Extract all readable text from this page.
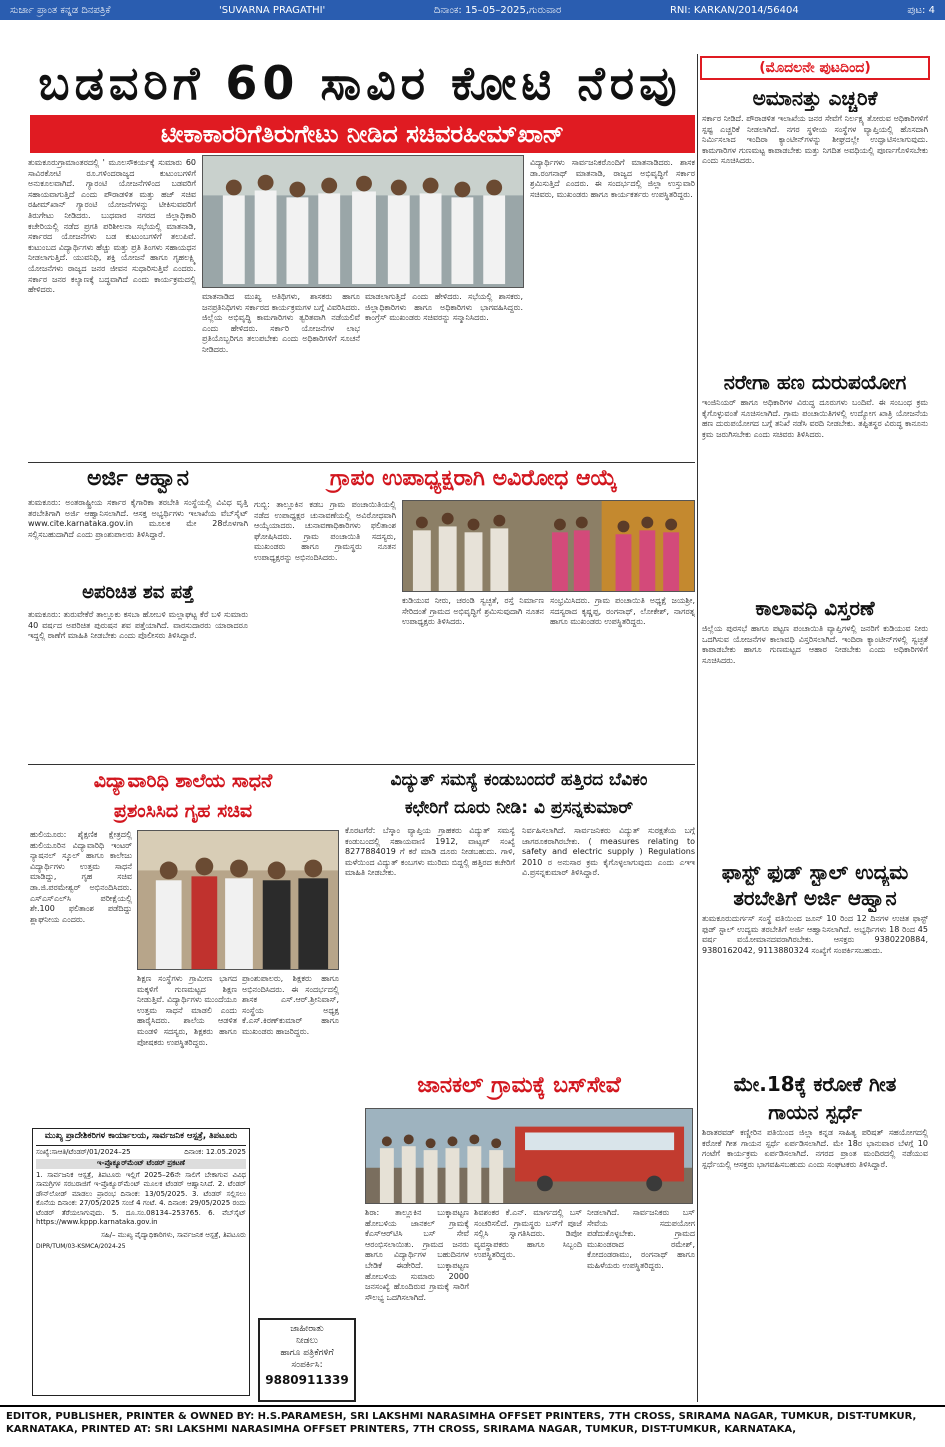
ಸುರ್ಜಾ ಪ್ರಾಂತ ಕನ್ನಡ ದಿನಪತ್ರಿಕೆ	'SUVARNA PRAGATHI'	ದಿನಾಂಕ: 15–05–2025,ಗುರುವಾರ	RNI: KARKAN/2014/56404	ಪುಟ: 4
ಬಡವರಿಗೆ 60 ಸಾವಿರ ಕೋಟಿ ನೆರವು
ಟೀಕಾಕಾರರಿಗೆತಿರುಗೇಟು ನೀಡಿದ ಸಚಿವರಹೀಮ್‌ಖಾನ್
ತುಮಕೂರುಗ್ರಾಮಾಂತರದಲ್ಲಿ ' ಮೂಲಸೌಕರ್ಯಕ್ಕೆ ಸುಮಾರು 60 ಸಾವಿರಕೋಟಿ ರೂ.ಗಳಿಂದರಾಜ್ಯದ ಕುಟುಂಬಗಳಿಗೆ ಅನುಕೂಲವಾಗಿದೆ. ಗ್ಯಾರಂಟಿ ಯೋಜನೆಗಳಿಂದ ಬಡವರಿಗೆ ಸಹಾಯವಾಗುತ್ತಿದೆ ಎಂದು ಪೌರಾಡಳಿತ ಮತ್ತು ಹಜ್ ಸಚಿವ ರಹೀಮ್‌ಖಾನ್ ಗ್ಯಾರಂಟಿ ಯೋಜನೆಗಳನ್ನು ಟೀಕಿಸುವವರಿಗೆ ತಿರುಗೇಟು ನೀಡಿದರು. ಬುಧವಾರ ನಗರದ ಜಿಲ್ಲಾಧಿಕಾರಿ ಕಚೇರಿಯಲ್ಲಿ ನಡೆದ ಪ್ರಗತಿ ಪರಿಶೀಲನಾ ಸಭೆಯಲ್ಲಿ ಮಾತನಾಡಿ, ಸರ್ಕಾರದ ಯೋಜನೆಗಳು ಬಡ ಕುಟುಂಬಗಳಿಗೆ ತಲುಪಿವೆ. ಕುಟುಂಬದ ವಿದ್ಯಾರ್ಥಿಗಳು ಹೆಚ್ಚು ಮತ್ತು ಪ್ರತಿ ತಿಂಗಳು ಸಹಾಯಧನ ನೀಡಲಾಗುತ್ತಿದೆ. ಯುವನಿಧಿ, ಶಕ್ತಿ ಯೋಜನೆ ಹಾಗೂ ಗೃಹಲಕ್ಷ್ಮಿ ಯೋಜನೆಗಳು ರಾಜ್ಯದ ಜನರ ಜೀವನ ಸುಧಾರಿಸುತ್ತಿವೆ ಎಂದರು. ಸರ್ಕಾರ ಜನರ ಕಲ್ಯಾಣಕ್ಕೆ ಬದ್ಧವಾಗಿದೆ ಎಂದು ಕಾರ್ಯಕ್ರಮದಲ್ಲಿ ಹೇಳಿದರು.
ಮಾತನಾಡಿದ ಮುಖ್ಯ ಅತಿಥಿಗಳು, ಶಾಸಕರು ಹಾಗೂ ಜನಪ್ರತಿನಿಧಿಗಳು ಸರ್ಕಾರದ ಕಾರ್ಯಕ್ರಮಗಳ ಬಗ್ಗೆ ವಿವರಿಸಿದರು. ಜಿಲ್ಲೆಯ ಅಭಿವೃದ್ಧಿ ಕಾಮಗಾರಿಗಳು ತ್ವರಿತವಾಗಿ ನಡೆಯಲಿವೆ ಎಂದು ಹೇಳಿದರು. ಸರ್ಕಾರಿ ಯೋಜನೆಗಳ ಲಾಭ ಪ್ರತಿಯೊಬ್ಬರಿಗೂ ತಲುಪಬೇಕು ಎಂದು ಅಧಿಕಾರಿಗಳಿಗೆ ಸೂಚನೆ ನೀಡಿದರು.
ಮಾಡಲಾಗುತ್ತಿದೆ ಎಂದು ಹೇಳಿದರು. ಸಭೆಯಲ್ಲಿ ಶಾಸಕರು, ಜಿಲ್ಲಾಧಿಕಾರಿಗಳು ಹಾಗೂ ಅಧಿಕಾರಿಗಳು ಭಾಗವಹಿಸಿದ್ದರು. ಕಾಂಗ್ರೆಸ್ ಮುಖಂಡರು ಸಚಿವರನ್ನು ಸನ್ಮಾನಿಸಿದರು.
ವಿದ್ಯಾರ್ಥಿಗಳು ಸಾರ್ವಜನಿಕರೊಂದಿಗೆ ಮಾತನಾಡಿದರು. ಶಾಸಕ ಡಾ.ರಂಗನಾಥ್ ಮಾತನಾಡಿ, ರಾಜ್ಯದ ಅಭಿವೃದ್ಧಿಗೆ ಸರ್ಕಾರ ಶ್ರಮಿಸುತ್ತಿದೆ ಎಂದರು. ಈ ಸಂದರ್ಭದಲ್ಲಿ ಜಿಲ್ಲಾ ಉಸ್ತುವಾರಿ ಸಚಿವರು, ಮುಖಂಡರು ಹಾಗೂ ಕಾರ್ಯಕರ್ತರು ಉಪಸ್ಥಿತರಿದ್ದರು.
(ಮೊದಲನೇ ಪುಟದಿಂದ)
ಅಮಾನತ್ತು ಎಚ್ಚರಿಕೆ
ಸರ್ಕಾರ ನೀಡಿದೆ. ಪೌರಾಡಳಿತ ಇಲಾಖೆಯ ಜನರ ಸೇವೆಗೆ ನಿರ್ಲಕ್ಷ್ಯ ತೋರುವ ಅಧಿಕಾರಿಗಳಿಗೆ ಸ್ಪಷ್ಟ ಎಚ್ಚರಿಕೆ ನೀಡಲಾಗಿದೆ. ನಗರ ಸ್ಥಳೀಯ ಸಂಸ್ಥೆಗಳ ವ್ಯಾಪ್ತಿಯಲ್ಲಿ ಹೊಸದಾಗಿ ನಿರ್ಮಿಸಲಾದ ಇಂದಿರಾ ಕ್ಯಾಂಟೀನ್‌ಗಳನ್ನು ಶೀಘ್ರದಲ್ಲೇ ಉದ್ಘಾಟಿಸಲಾಗುವುದು. ಕಾಮಗಾರಿಗಳ ಗುಣಮಟ್ಟ ಕಾಪಾಡಬೇಕು ಮತ್ತು ನಿಗದಿತ ಅವಧಿಯಲ್ಲಿ ಪೂರ್ಣಗೊಳಿಸಬೇಕು ಎಂದು ಸೂಚಿಸಿದರು.
ನರೇಗಾ ಹಣ ದುರುಪಯೋಗ
ಇಂಜಿನಿಯರ್ ಹಾಗೂ ಅಧಿಕಾರಿಗಳ ವಿರುದ್ಧ ದೂರುಗಳು ಬಂದಿವೆ. ಈ ಸಂಬಂಧ ಕ್ರಮ ಕೈಗೊಳ್ಳುವಂತೆ ಸೂಚಿಸಲಾಗಿದೆ. ಗ್ರಾಮ ಪಂಚಾಯಿತಿಗಳಲ್ಲಿ ಉದ್ಯೋಗ ಖಾತ್ರಿ ಯೋಜನೆಯ ಹಣ ದುರುಪಯೋಗದ ಬಗ್ಗೆ ತನಿಖೆ ನಡೆಸಿ ವರದಿ ನೀಡಬೇಕು. ತಪ್ಪಿತಸ್ಥರ ವಿರುದ್ಧ ಕಾನೂನು ಕ್ರಮ ಜರುಗಿಸಬೇಕು ಎಂದು ಸಚಿವರು ತಿಳಿಸಿದರು.
ಕಾಲಾವಧಿ ವಿಸ್ತರಣೆ
ಜಿಲ್ಲೆಯ ಪುರಸಭೆ ಹಾಗೂ ಪಟ್ಟಣ ಪಂಚಾಯಿತಿ ವ್ಯಾಪ್ತಿಗಳಲ್ಲಿ ಜನರಿಗೆ ಕುಡಿಯುವ ನೀರು ಒದಗಿಸುವ ಯೋಜನೆಗಳ ಕಾಲಾವಧಿ ವಿಸ್ತರಿಸಲಾಗಿದೆ. ಇಂದಿರಾ ಕ್ಯಾಂಟೀನ್‌ಗಳಲ್ಲಿ ಸ್ವಚ್ಛತೆ ಕಾಪಾಡಬೇಕು ಹಾಗೂ ಗುಣಮಟ್ಟದ ಆಹಾರ ನೀಡಬೇಕು ಎಂದು ಅಧಿಕಾರಿಗಳಿಗೆ ಸೂಚಿಸಿದರು.
ಫಾಸ್ಟ್ ಫುಡ್ ಸ್ಟಾಲ್ ಉದ್ಯಮ
ತರಬೇತಿಗೆ ಅರ್ಜಿ ಆಹ್ವಾನ
ತುಮಕೂರುದುರ್ಗಸ್ ಸಂಸ್ಥೆ ವತಿಯಿಂದ ಜೂನ್ 10 ರಿಂದ 12 ದಿನಗಳ ಉಚಿತ ಫಾಸ್ಟ್ ಫುಡ್ ಸ್ಟಾಲ್ ಉದ್ಯಮ ತರಬೇತಿಗೆ ಅರ್ಜಿ ಆಹ್ವಾನಿಸಲಾಗಿದೆ. ಅಭ್ಯರ್ಥಿಗಳು 18 ರಿಂದ 45 ವರ್ಷ ವಯೋಮಾನದವರಾಗಿರಬೇಕು. ಆಸಕ್ತರು 9380220884, 9380162042, 9113880324 ಸಂಖ್ಯೆಗೆ ಸಂಪರ್ಕಿಸಬಹುದು.
ಮೇ.18ಕ್ಕೆ ಕರೋಕೆ ಗೀತ
ಗಾಯನ ಸ್ಪರ್ಧೆ
ಶಿರಾತರವಡ್ ಕಣ್ಣೀರಿನ ಪತಿಯಿಂದ ಜಿಲ್ಲಾ ಕನ್ನಡ ಸಾಹಿತ್ಯ ಪರಿಷತ್ ಸಹಯೋಗದಲ್ಲಿ ಕರೋಕೆ ಗೀತ ಗಾಯನ ಸ್ಪರ್ಧೆ ಏರ್ಪಡಿಸಲಾಗಿದೆ. ಮೇ 18ರ ಭಾನುವಾರ ಬೆಳಗ್ಗೆ 10 ಗಂಟೆಗೆ ಕಾರ್ಯಕ್ರಮ ಏರ್ಪಡಿಸಲಾಗಿದೆ. ನಗರದ ಪ್ರಾಂತ ಮಂದಿರದಲ್ಲಿ ನಡೆಯುವ ಸ್ಪರ್ಧೆಯಲ್ಲಿ ಆಸಕ್ತರು ಭಾಗವಹಿಸಬಹುದು ಎಂದು ಸಂಘಟಕರು ತಿಳಿಸಿದ್ದಾರೆ.
ಅರ್ಜಿ ಆಹ್ವಾನ
ತುಮಕೂರು: ಅಂತರಾಷ್ಟ್ರೀಯ ಸರ್ಕಾರ ಕೈಗಾರಿಕಾ ತರಬೇತಿ ಸಂಸ್ಥೆಯಲ್ಲಿ ವಿವಿಧ ವೃತ್ತಿ ತರಬೇತಿಗಾಗಿ ಅರ್ಜಿ ಆಹ್ವಾನಿಸಲಾಗಿದೆ. ಆಸಕ್ತ ಅಭ್ಯರ್ಥಿಗಳು ಇಲಾಖೆಯ ವೆಬ್‌ಸೈಟ್ www.cite.karnataka.gov.in ಮೂಲಕ ಮೇ 28ರೊಳಗಾಗಿ ಸಲ್ಲಿಸಬಹುದಾಗಿದೆ ಎಂದು ಪ್ರಾಂಶುಪಾಲರು ತಿಳಿಸಿದ್ದಾರೆ.
ಅಪರಿಚಿತ ಶವ ಪತ್ತೆ
ತುಮಕೂರು: ತುರುವೇಕೆರೆ ತಾಲ್ಲೂಕು ಕಸಬಾ ಹೋಬಳಿ ಮಲ್ಲಾಘಟ್ಟ ಕೆರೆ ಬಳಿ ಸುಮಾರು 40 ವರ್ಷದ ಅಪರಿಚಿತ ಪುರುಷನ ಶವ ಪತ್ತೆಯಾಗಿದೆ. ವಾರಸುದಾರರು ಯಾರಾದರೂ ಇದ್ದಲ್ಲಿ ಠಾಣೆಗೆ ಮಾಹಿತಿ ನೀಡಬೇಕು ಎಂದು ಪೊಲೀಸರು ತಿಳಿಸಿದ್ದಾರೆ.
ಗ್ರಾಪಂ ಉಪಾಧ್ಯಕ್ಷರಾಗಿ ಅವಿರೋಧ ಆಯ್ಕೆ
ಗುಬ್ಬಿ: ತಾಲ್ಲೂಕಿನ ಕಡಬ ಗ್ರಾಮ ಪಂಚಾಯಿತಿಯಲ್ಲಿ ನಡೆದ ಉಪಾಧ್ಯಕ್ಷರ ಚುನಾವಣೆಯಲ್ಲಿ ಅವಿರೋಧವಾಗಿ ಆಯ್ಕೆಯಾದರು. ಚುನಾವಣಾಧಿಕಾರಿಗಳು ಫಲಿತಾಂಶ ಘೋಷಿಸಿದರು. ಗ್ರಾಮ ಪಂಚಾಯಿತಿ ಸದಸ್ಯರು, ಮುಖಂಡರು ಹಾಗೂ ಗ್ರಾಮಸ್ಥರು ನೂತನ ಉಪಾಧ್ಯಕ್ಷರನ್ನು ಅಭಿನಂದಿಸಿದರು.
ಕುಡಿಯುವ ನೀರು, ಚರಂಡಿ ಸ್ವಚ್ಛತೆ, ರಸ್ತೆ ನಿರ್ಮಾಣ ಸೇರಿದಂತೆ ಗ್ರಾಮದ ಅಭಿವೃದ್ಧಿಗೆ ಶ್ರಮಿಸುವುದಾಗಿ ನೂತನ ಉಪಾಧ್ಯಕ್ಷರು ತಿಳಿಸಿದರು.
ಸಂಭ್ರಮಿಸಿದರು. ಗ್ರಾಮ ಪಂಚಾಯಿತಿ ಅಧ್ಯಕ್ಷೆ ಜಯಶ್ರೀ, ಸದಸ್ಯರಾದ ಕೃಷ್ಣಪ್ಪ, ರಂಗನಾಥ್, ಲೋಕೇಶ್, ನಾಗರತ್ನ ಹಾಗೂ ಮುಖಂಡರು ಉಪಸ್ಥಿತರಿದ್ದರು.
ವಿದ್ಯಾವಾರಿಧಿ ಶಾಲೆಯ ಸಾಧನೆ
ಪ್ರಶಂಸಿಸಿದ ಗೃಹ ಸಚಿವ
ಹುಲಿಯೂರು: ಶೈಕ್ಷಣಿಕ ಕ್ಷೇತ್ರದಲ್ಲಿ ಹುಲಿಯೂರಿನ ವಿದ್ಯಾವಾರಿಧಿ ಇಂಟರ್ ನ್ಯಾಷನಲ್ ಸ್ಕೂಲ್ ಹಾಗೂ ಕಾಲೇಜು ವಿದ್ಯಾರ್ಥಿಗಳು ಉತ್ತಮ ಸಾಧನೆ ಮಾಡಿದ್ದು, ಗೃಹ ಸಚಿವ ಡಾ.ಜಿ.ಪರಮೇಶ್ವರ್ ಅಭಿನಂದಿಸಿದರು. ಎಸ್ಎಸ್ಎಲ್‌ಸಿ ಪರೀಕ್ಷೆಯಲ್ಲಿ ಶೇ.100 ಫಲಿತಾಂಶ ಪಡೆದಿದ್ದು ಶ್ಲಾಘನೀಯ ಎಂದರು.
ಶಿಕ್ಷಣ ಸಂಸ್ಥೆಗಳು ಗ್ರಾಮೀಣ ಭಾಗದ ಮಕ್ಕಳಿಗೆ ಗುಣಮಟ್ಟದ ಶಿಕ್ಷಣ ನೀಡುತ್ತಿವೆ. ವಿದ್ಯಾರ್ಥಿಗಳು ಮುಂದೆಯೂ ಉತ್ತಮ ಸಾಧನೆ ಮಾಡಲಿ ಎಂದು ಹಾರೈಸಿದರು. ಶಾಲೆಯ ಆಡಳಿತ ಮಂಡಳಿ ಸದಸ್ಯರು, ಶಿಕ್ಷಕರು ಹಾಗೂ ಪೋಷಕರು ಉಪಸ್ಥಿತರಿದ್ದರು.
ಪ್ರಾಂಶುಪಾಲರು, ಶಿಕ್ಷಕರು ಹಾಗೂ ಅಭಿನಂದಿಸಿದರು. ಈ ಸಂದರ್ಭದಲ್ಲಿ ಶಾಸಕ ಎಸ್.ಆರ್.ಶ್ರೀನಿವಾಸ್, ಸಂಸ್ಥೆಯ ಅಧ್ಯಕ್ಷ ಕೆ.ಎಸ್.ಕಿರಣ್‌ಕುಮಾರ್ ಹಾಗೂ ಮುಖಂಡರು ಹಾಜರಿದ್ದರು.
ವಿದ್ಯುತ್ ಸಮಸ್ಯೆ ಕಂಡುಬಂದರೆ ಹತ್ತಿರದ ಬೆವಿಕಂ
ಕಛೇರಿಗೆ ದೂರು ನೀಡಿ: ವಿ ಪ್ರಸನ್ನಕುಮಾರ್
ಕೊರಟಗೆರೆ: ಬೆಸ್ಕಾಂ ವ್ಯಾಪ್ತಿಯ ಗ್ರಾಹಕರು ವಿದ್ಯುತ್ ಸಮಸ್ಯೆ ಕಂಡುಬಂದಲ್ಲಿ ಸಹಾಯವಾಣಿ 1912, ವಾಟ್ಸಪ್ ಸಂಖ್ಯೆ 8277884019 ಗೆ ಕರೆ ಮಾಡಿ ದೂರು ನೀಡಬಹುದು. ಗಾಳಿ, ಮಳೆಯಿಂದ ವಿದ್ಯುತ್ ಕಂಬಗಳು ಮುರಿದು ಬಿದ್ದಲ್ಲಿ ಹತ್ತಿರದ ಕಚೇರಿಗೆ ಮಾಹಿತಿ ನೀಡಬೇಕು.
ನಿರ್ವಹಿಸಲಾಗಿದೆ. ಸಾರ್ವಜನಿಕರು ವಿದ್ಯುತ್ ಸುರಕ್ಷತೆಯ ಬಗ್ಗೆ ಜಾಗರೂಕರಾಗಿರಬೇಕು. ( measures relating to safety and electric supply ) Regulations 2010 ರ ಅನುಸಾರ ಕ್ರಮ ಕೈಗೊಳ್ಳಲಾಗುವುದು ಎಂದು ಎಇಇ ವಿ.ಪ್ರಸನ್ನಕುಮಾರ್ ತಿಳಿಸಿದ್ದಾರೆ.
ಜಾನಕಲ್ ಗ್ರಾಮಕ್ಕೆ ಬಸ್‌ಸೇವೆ
ಶಿರಾ: ತಾಲ್ಲೂಕಿನ ಬುಕ್ಕಾಪಟ್ಟಣ ಹೋಬಳಿಯ ಜಾನಕಲ್ ಗ್ರಾಮಕ್ಕೆ ಕೆಎಸ್ಆರ್‌ಟಿಸಿ ಬಸ್ ಸೇವೆ ಆರಂಭಿಸಲಾಯಿತು. ಗ್ರಾಮದ ಜನರು ಹಾಗೂ ವಿದ್ಯಾರ್ಥಿಗಳ ಬಹುದಿನಗಳ ಬೇಡಿಕೆ ಈಡೇರಿದೆ. ಬುಕ್ಕಾಪಟ್ಟಣ ಹೋಬಳಿಯ ಸುಮಾರು 2000 ಜನಸಂಖ್ಯೆ ಹೊಂದಿರುವ ಗ್ರಾಮಕ್ಕೆ ಸಾರಿಗೆ ಸೌಲಭ್ಯ ಒದಗಿಸಲಾಗಿದೆ.
ಶಿವಶಂಕರ ಕೆ.ಎನ್. ಮಾರ್ಗದಲ್ಲಿ ಬಸ್ ಸಂಚರಿಸಲಿದೆ. ಗ್ರಾಮಸ್ಥರು ಬಸ್‌ಗೆ ಪೂಜೆ ಸಲ್ಲಿಸಿ ಸ್ವಾಗತಿಸಿದರು. ಡಿಪೋ ವ್ಯವಸ್ಥಾಪಕರು ಹಾಗೂ ಸಿಬ್ಬಂದಿ ಉಪಸ್ಥಿತರಿದ್ದರು.
ನೀಡಲಾಗಿದೆ. ಸಾರ್ವಜನಿಕರು ಬಸ್ ಸೇವೆಯ ಸದುಪಯೋಗ ಪಡೆದುಕೊಳ್ಳಬೇಕು. ಗ್ರಾಮದ ಮುಖಂಡರಾದ ರಮೇಶ್, ಕೋದಂಡರಾಮು, ರಂಗನಾಥ್ ಹಾಗೂ ಮಹಿಳೆಯರು ಉಪಸ್ಥಿತರಿದ್ದರು.
ಮುಖ್ಯ ಪ್ರಾದೇಶಿಕರಿಗಳ ಕಾರ್ಯಾಲಯ, ಸಾರ್ವಜನಿಕ ಆಸ್ಪತ್ರೆ, ತಿಪಟೂರು
ಸಂಖ್ಯೆ:ಸಾಆತಿ/ಟೆಂಡರ್/01/2024–25	ದಿನಾಂಕ: 12.05.2025
ಇ-ಪ್ರೊಕ್ಯೂರ್‌ಮೆಂಟ್ ಟೆಂಡರ್ ಪ್ರಕಟಣೆ
1. ಸಾರ್ವಜನಿಕ ಆಸ್ಪತ್ರೆ, ತಿಪಟೂರು ಇಲ್ಲಿಗೆ 2025–26ನೇ ಸಾಲಿಗೆ ಬೇಕಾಗುವ ವಿವಿಧ ಸಾಮಗ್ರಿಗಳ ಸರಬರಾಜಿಗೆ ಇ-ಪ್ರೊಕ್ಯೂರ್‌ಮೆಂಟ್ ಮೂಲಕ ಟೆಂಡರ್ ಆಹ್ವಾನಿಸಿದೆ. 2. ಟೆಂಡರ್ ಡೌನ್‌ಲೋಡ್ ಮಾಡಲು ಪ್ರಾರಂಭ ದಿನಾಂಕ: 13/05/2025. 3. ಟೆಂಡರ್ ಸಲ್ಲಿಸಲು ಕೊನೆಯ ದಿನಾಂಕ: 27/05/2025 ಸಂಜೆ 4 ಗಂಟೆ. 4. ದಿನಾಂಕ: 29/05/2025 ರಂದು ಟೆಂಡರ್ ತೆರೆಯಲಾಗುವುದು. 5. ದೂ.ಸಂ.08134–253765. 6. ವೆಬ್‌ಸೈಟ್ https://www.kppp.karnataka.gov.in
ಸಹಿ/– ಮುಖ್ಯ ವೈದ್ಯಾಧಿಕಾರಿಗಳು, ಸಾರ್ವಜನಿಕ ಆಸ್ಪತ್ರೆ, ತಿಪಟೂರು
DIPR/TUM/03-KSMCA/2024-25
ಜಾಹೀರಾತು
ನೀಡಲು
ಹಾಗೂ ಪತ್ರಿಕೆಗಳಿಗೆ
ಸಂಪರ್ಕಿಸಿ:
9880911339
EDITOR, PUBLISHER, PRINTER & OWNED BY: H.S.PARAMESH, SRI LAKSHMI NARASIMHA OFFSET PRINTERS, 7TH CROSS, SRIRAMA NAGAR, TUMKUR, DIST-TUMKUR, KARNATAKA, PRINTED AT: SRI LAKSHMI NARASIMHA OFFSET PRINTERS, 7TH CROSS, SRIRAMA NAGAR, TUMKUR, DIST-TUMKUR, KARNATAKA,
